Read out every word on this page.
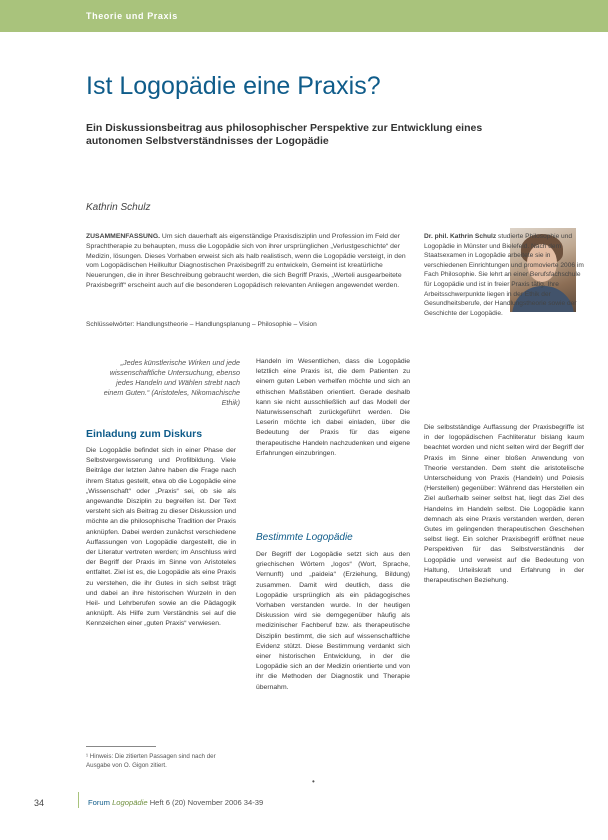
Theorie und Praxis
Ist Logopädie eine Praxis?
Ein Diskussionsbeitrag aus philosophischer Perspektive zur Entwicklung eines autonomen Selbstverständnisses der Logopädie
Kathrin Schulz
ZUSAMMENFASSUNG. Um sich dauerhaft als eigenständige Praxisdisziplin und Profession im Feld der Sprachtherapie zu behaupten, muss die Logopädie sich von ihrer ursprünglichen „Verlustgeschichte“ der Medizin, lösungen. Dieses Vorhaben erweist sich als halb realistisch, wenn die Logopädie versteigt, in den vom Logopädischen Heilkultur Diagnostischen Praxisbegriff zu entwickeln, Gemeint ist kreatürliche Neuerungen, die in ihrer Beschreibung gebraucht werden, die sich Begriff Praxis, „Werteli ausgearbeitete Praxisbegriff“ erscheint auch auf die besonderen Logopädisch relevanten Anliegen angewendet werden.
Schlüsselwörter: Handlungstheorie – Handlungsplanung – Philosophie – Vision
Dr. phil. Kathrin Schulz studierte Philosophie und Logopädie in Münster und Bielefeld. Nach dem Staatsexamen in Logopädie arbeitete sie in verschiedenen Einrichtungen und promovierte 2006 im Fach Philosophie. Sie lehrt an einer Berufsfachschule für Logopädie und ist in freier Praxis tätig. Ihre Arbeitsschwerpunkte liegen in der Ethik der Gesundheitsberufe, der Handlungstheorie sowie der Geschichte der Logopädie.
„Jedes künstlerische Wirken und jede wissenschaftliche Untersuchung, ebenso jedes Handeln und Wählen strebt nach einem Guten.“ (Aristoteles, Nikomachische Ethik)
Einladung zum Diskurs
Die Logopädie befindet sich in einer Phase der Selbstvergewisserung und Profilbildung. Viele Beiträge der letzten Jahre haben die Frage nach ihrem Status gestellt, etwa ob die Logopädie eine „Wissenschaft“ oder „Praxis“ sei, ob sie als angewandte Disziplin zu begreifen ist. Der Text versteht sich als Beitrag zu dieser Diskussion und möchte an die philosophische Tradition der Praxis anknüpfen. Dabei werden zunächst verschiedene Auffassungen von Logopädie dargestellt, die in der Literatur vertreten werden; im Anschluss wird der Begriff der Praxis im Sinne von Aristoteles entfaltet. Ziel ist es, die Logopädie als eine Praxis zu verstehen, die ihr Gutes in sich selbst trägt und dabei an ihre historischen Wurzeln in den Heil- und Lehrberufen sowie an die Pädagogik anknüpft. Als Hilfe zum Verständnis sei auf die Kennzeichen einer „guten Praxis“ verwiesen.
Handeln im Wesentlichen, dass die Logopädie letztlich eine Praxis ist, die dem Patienten zu einem guten Leben verhelfen möchte und sich an ethischen Maßstäben orientiert. Gerade deshalb kann sie nicht ausschließlich auf das Modell der Naturwissenschaft zurückgeführt werden. Die Leserin möchte ich dabei einladen, über die Bedeutung der Praxis für das eigene therapeutische Handeln nachzudenken und eigene Erfahrungen einzubringen.
Bestimmte Logopädie
Der Begriff der Logopädie setzt sich aus den griechischen Wörtern „logos“ (Wort, Sprache, Vernunft) und „paideia“ (Erziehung, Bildung) zusammen. Damit wird deutlich, dass die Logopädie ursprünglich als ein pädagogisches Vorhaben verstanden wurde. In der heutigen Diskussion wird sie demgegenüber häufig als medizinischer Fachberuf bzw. als therapeutische Disziplin bestimmt, die sich auf wissenschaftliche Evidenz stützt. Diese Bestimmung verdankt sich einer historischen Entwicklung, in der die Logopädie sich an der Medizin orientierte und von ihr die Methoden der Diagnostik und Therapie übernahm.
Die selbstständige Auffassung der Praxisbegriffe ist in der logopädischen Fachliteratur bislang kaum beachtet worden und nicht selten wird der Begriff der Praxis im Sinne einer bloßen Anwendung von Theorie verstanden. Dem steht die aristotelische Unterscheidung von Praxis (Handeln) und Poiesis (Herstellen) gegenüber: Während das Herstellen ein Ziel außerhalb seiner selbst hat, liegt das Ziel des Handelns im Handeln selbst. Die Logopädie kann demnach als eine Praxis verstanden werden, deren Gutes im gelingenden therapeutischen Geschehen selbst liegt. Ein solcher Praxisbegriff eröffnet neue Perspektiven für das Selbstverständnis der Logopädie und verweist auf die Bedeutung von Haltung, Urteilskraft und Erfahrung in der therapeutischen Beziehung.
¹ Hinweis: Die zitierten Passagen sind nach der Ausgabe von O. Gigon zitiert.
•
34	Forum Logopädie Heft 6 (20) November 2006 34-39
